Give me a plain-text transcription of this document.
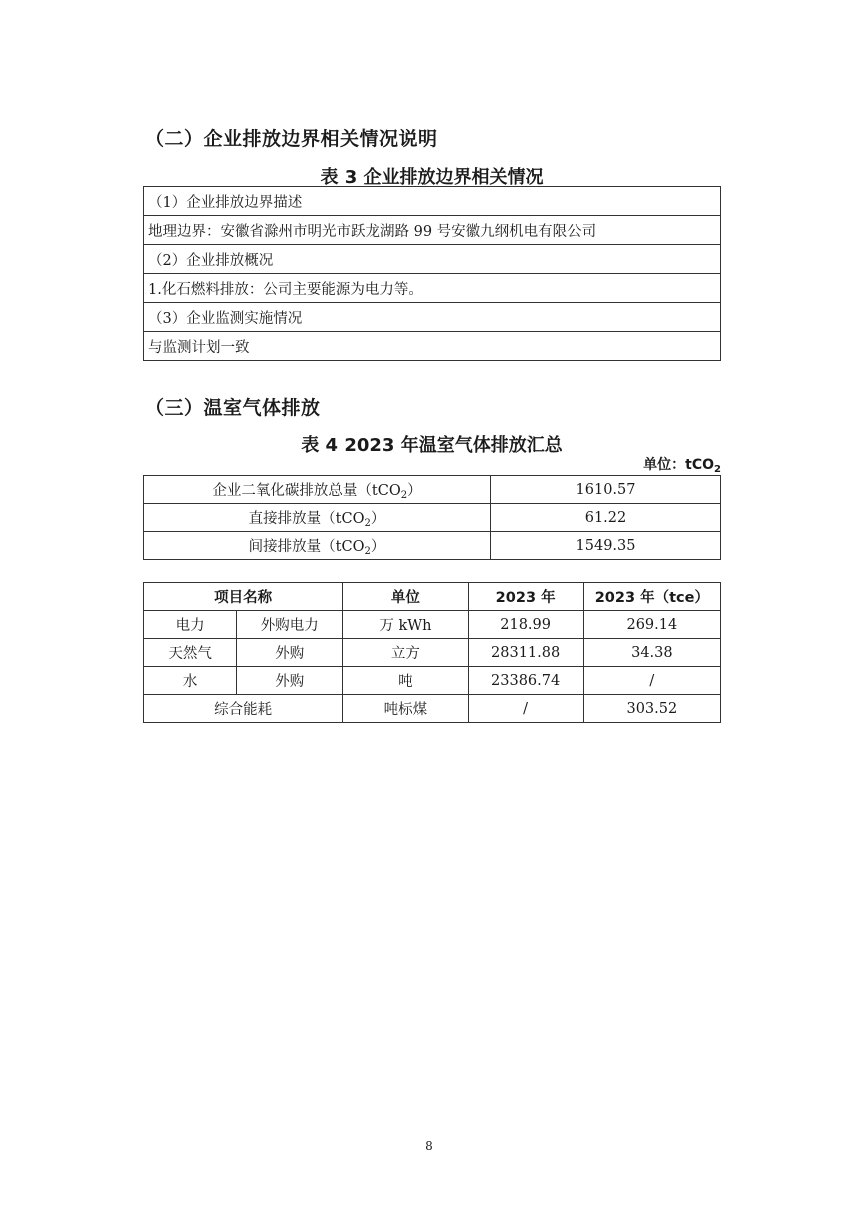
（二）企业排放边界相关情况说明
表 3 企业排放边界相关情况
（1）企业排放边界描述
地理边界：安徽省滁州市明光市跃龙湖路 99 号安徽九纲机电有限公司
（2）企业排放概况
1.化石燃料排放：公司主要能源为电力等。
（3）企业监测实施情况
与监测计划一致
（三）温室气体排放
表 4 2023 年温室气体排放汇总
单位：tCO$_2$
企业二氧化碳排放总量（tCO$_2$）	1610.57
直接排放量（tCO$_2$）	61.22
间接排放量（tCO$_2$）	1549.35
项目名称		单位	2023 年	2023 年（tce）
电力	外购电力	万 kWh	218.99	269.14
天然气	外购	立方	28311.88	34.38
水	外购	吨	23386.74	/
综合能耗		吨标煤	/	303.52
8
